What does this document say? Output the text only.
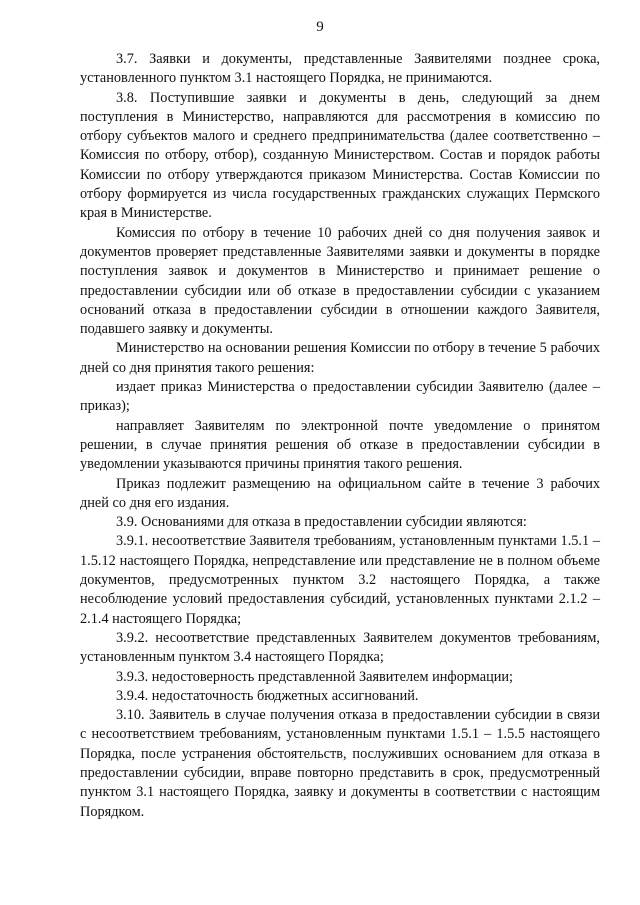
9

3.7. Заявки и документы, представленные Заявителями позднее срока, установленного пунктом 3.1 настоящего Порядка, не принимаются.

3.8. Поступившие заявки и документы в день, следующий за днем поступления в Министерство, направляются для рассмотрения в комиссию по отбору субъектов малого и среднего предпринимательства (далее соответственно – Комиссия по отбору, отбор), созданную Министерством. Состав и порядок работы Комиссии по отбору утверждаются приказом Министерства. Состав Комиссии по отбору формируется из числа государственных гражданских служащих Пермского края в Министерстве.

Комиссия по отбору в течение 10 рабочих дней со дня получения заявок и документов проверяет представленные Заявителями заявки и документы в порядке поступления заявок и документов в Министерство и принимает решение о предоставлении субсидии или об отказе в предоставлении субсидии с указанием оснований отказа в предоставлении субсидии в отношении каждого Заявителя, подавшего заявку и документы.

Министерство на основании решения Комиссии по отбору в течение 5 рабочих дней со дня принятия такого решения:

издает приказ Министерства о предоставлении субсидии Заявителю (далее – приказ);

направляет Заявителям по электронной почте уведомление о принятом решении, в случае принятия решения об отказе в предоставлении субсидии в уведомлении указываются причины принятия такого решения.

Приказ подлежит размещению на официальном сайте в течение 3 рабочих дней со дня его издания.

3.9. Основаниями для отказа в предоставлении субсидии являются:

3.9.1. несоответствие Заявителя требованиям, установленным пунктами 1.5.1 – 1.5.12 настоящего Порядка, непредставление или представление не в полном объеме документов, предусмотренных пунктом 3.2 настоящего Порядка, а также несоблюдение условий предоставления субсидий, установленных пунктами 2.1.2 – 2.1.4 настоящего Порядка;

3.9.2. несоответствие представленных Заявителем документов требованиям, установленным пунктом 3.4 настоящего Порядка;

3.9.3. недостоверность представленной Заявителем информации;

3.9.4. недостаточность бюджетных ассигнований.

3.10. Заявитель в случае получения отказа в предоставлении субсидии в связи с несоответствием требованиям, установленным пунктами 1.5.1 – 1.5.5 настоящего Порядка, после устранения обстоятельств, послуживших основанием для отказа в предоставлении субсидии, вправе повторно представить в срок, предусмотренный пунктом 3.1 настоящего Порядка, заявку и документы в соответствии с настоящим Порядком.
